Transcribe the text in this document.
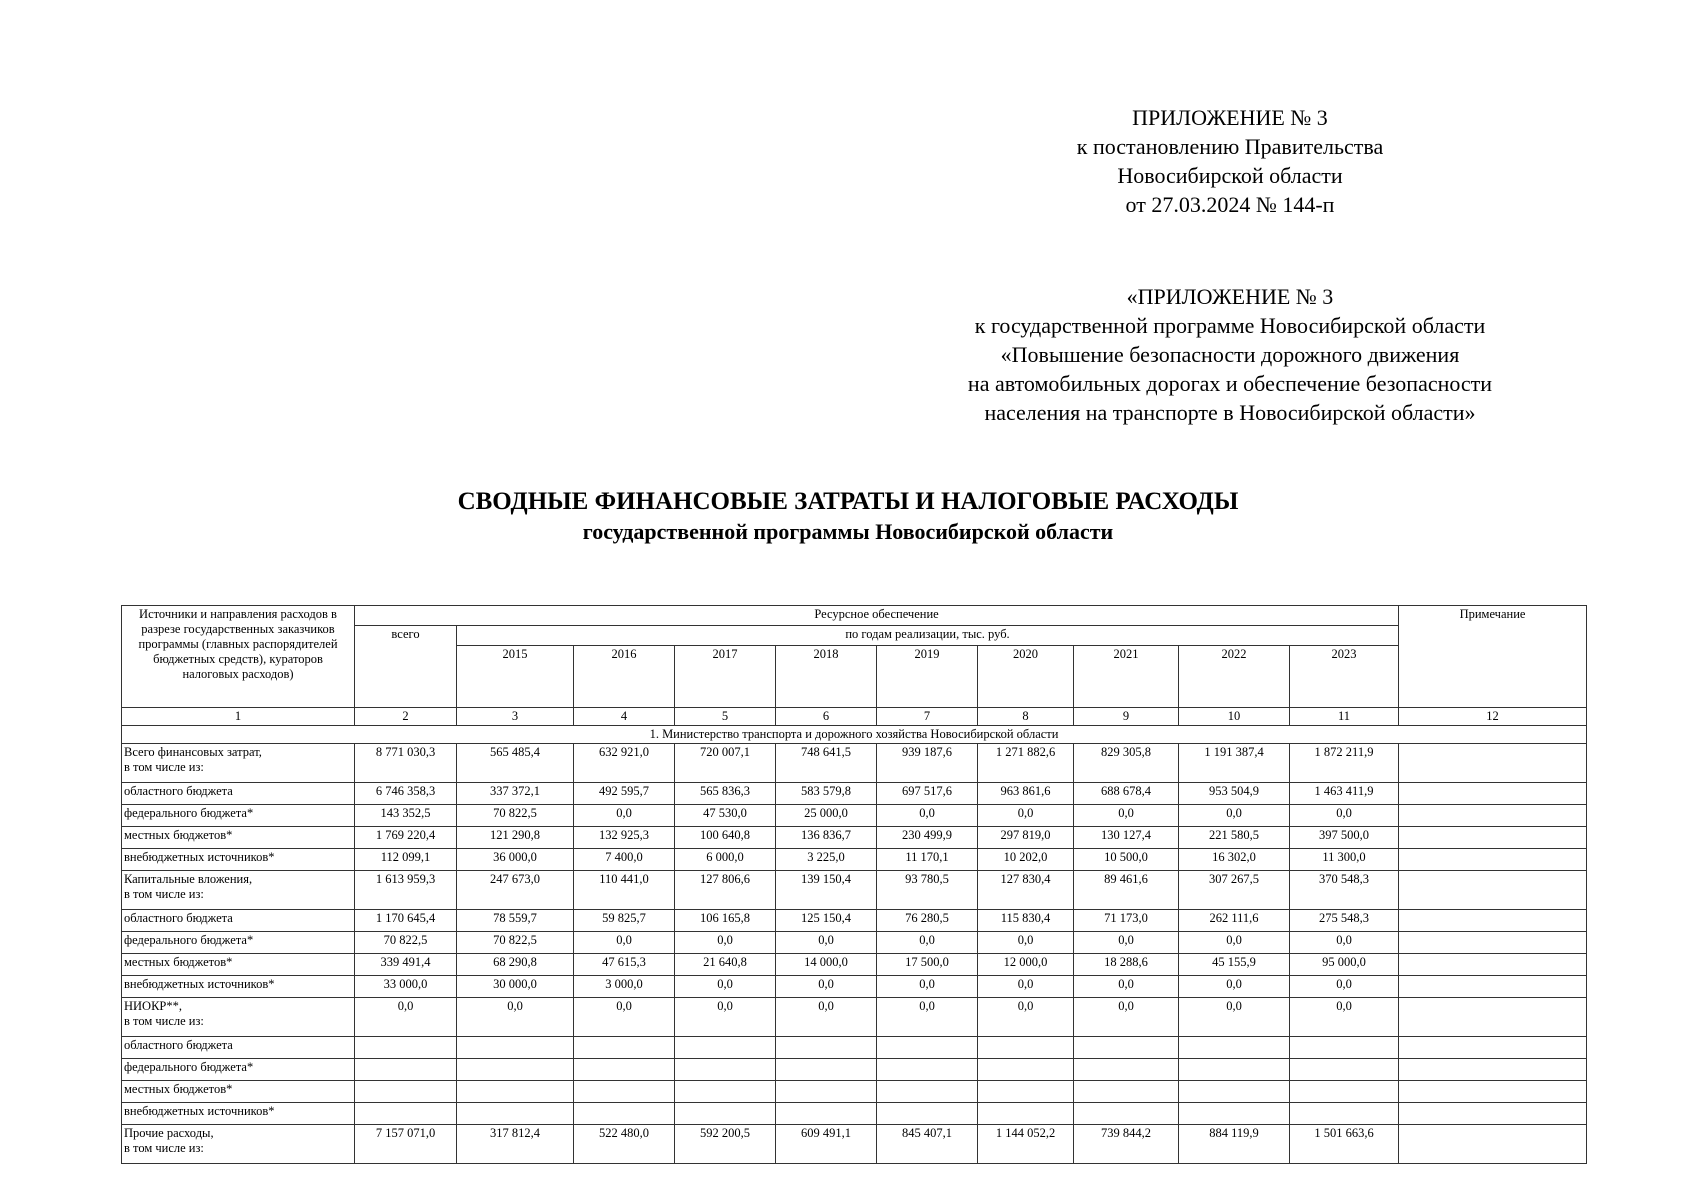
ПРИЛОЖЕНИЕ № 3
к постановлению Правительства
Новосибирской области
от 27.03.2024 № 144-п
«ПРИЛОЖЕНИЕ № 3
к государственной программе Новосибирской области
«Повышение безопасности дорожного движения
на автомобильных дорогах и обеспечение безопасности
населения на транспорте в Новосибирской области»
СВОДНЫЕ ФИНАНСОВЫЕ ЗАТРАТЫ И НАЛОГОВЫЕ РАСХОДЫ
государственной программы Новосибирской области
Источники и направления расходов в разрезе государственных заказчиков программы (главных распорядителей бюджетных средств), кураторов налоговых расходов)	Ресурсное обеспечение										Примечание
	всего	по годам реализации, тыс. руб.									
		2015	2016	2017	2018	2019	2020	2021	2022	2023	
1	2	3	4	5	6	7	8	9	10	11	12
1. Министерство транспорта и дорожного хозяйства Новосибирской области											
Всего финансовых затрат,
в том числе из:	8 771 030,3	565 485,4	632 921,0	720 007,1	748 641,5	939 187,6	1 271 882,6	829 305,8	1 191 387,4	1 872 211,9	
областного бюджета	6 746 358,3	337 372,1	492 595,7	565 836,3	583 579,8	697 517,6	963 861,6	688 678,4	953 504,9	1 463 411,9	
федерального бюджета*	143 352,5	70 822,5	0,0	47 530,0	25 000,0	0,0	0,0	0,0	0,0	0,0	
местных бюджетов*	1 769 220,4	121 290,8	132 925,3	100 640,8	136 836,7	230 499,9	297 819,0	130 127,4	221 580,5	397 500,0	
внебюджетных источников*	112 099,1	36 000,0	7 400,0	6 000,0	3 225,0	11 170,1	10 202,0	10 500,0	16 302,0	11 300,0	
Капитальные вложения,
в том числе из:	1 613 959,3	247 673,0	110 441,0	127 806,6	139 150,4	93 780,5	127 830,4	89 461,6	307 267,5	370 548,3	
областного бюджета	1 170 645,4	78 559,7	59 825,7	106 165,8	125 150,4	76 280,5	115 830,4	71 173,0	262 111,6	275 548,3	
федерального бюджета*	70 822,5	70 822,5	0,0	0,0	0,0	0,0	0,0	0,0	0,0	0,0	
местных бюджетов*	339 491,4	68 290,8	47 615,3	21 640,8	14 000,0	17 500,0	12 000,0	18 288,6	45 155,9	95 000,0	
внебюджетных источников*	33 000,0	30 000,0	3 000,0	0,0	0,0	0,0	0,0	0,0	0,0	0,0	
НИОКР**,
в том числе из:	0,0	0,0	0,0	0,0	0,0	0,0	0,0	0,0	0,0	0,0	
областного бюджета											
федерального бюджета*											
местных бюджетов*											
внебюджетных источников*											
Прочие расходы,
в том числе из:	7 157 071,0	317 812,4	522 480,0	592 200,5	609 491,1	845 407,1	1 144 052,2	739 844,2	884 119,9	1 501 663,6	
